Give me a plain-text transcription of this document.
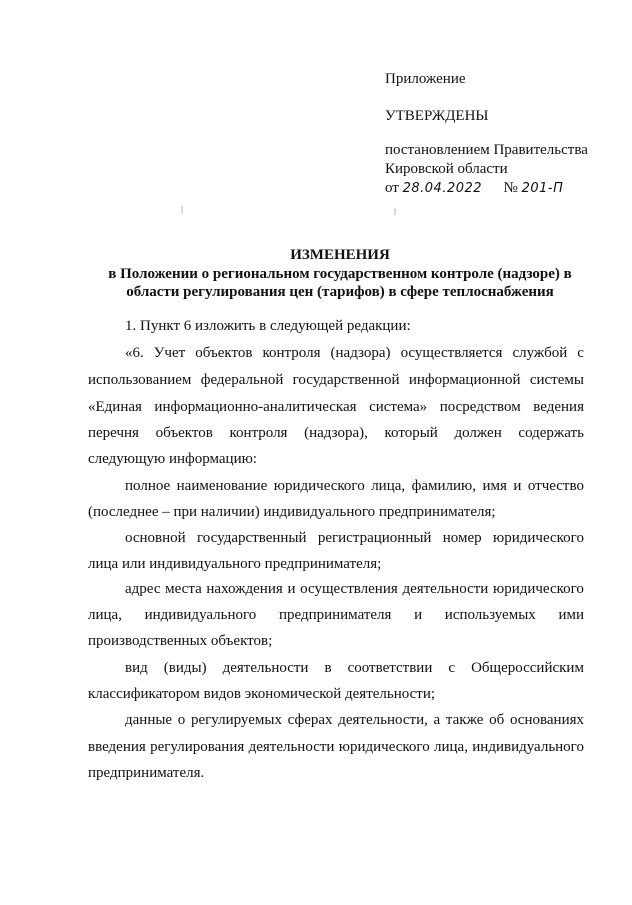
Приложение
УТВЕРЖДЕНЫ
постановлением Правительства
Кировской области
от 28.04.2022 № 201-П
ИЗМЕНЕНИЯ
в Положении о региональном государственном контроле (надзоре) в
области регулирования цен (тарифов) в сфере теплоснабжения
1. Пункт 6 изложить в следующей редакции:
«6. Учет объектов контроля (надзора) осуществляется службой с
использованием федеральной государственной информационной системы
«Единая информационно-аналитическая система» посредством ведения
перечня объектов контроля (надзора), который должен содержать
следующую информацию:
полное наименование юридического лица, фамилию, имя и отчество
(последнее – при наличии) индивидуального предпринимателя;
основной государственный регистрационный номер юридического
лица или индивидуального предпринимателя;
адрес места нахождения и осуществления деятельности юридического
лица, индивидуального предпринимателя и используемых ими
производственных объектов;
вид (виды) деятельности в соответствии с Общероссийским
классификатором видов экономической деятельности;
данные о регулируемых сферах деятельности, а также об основаниях
введения регулирования деятельности юридического лица, индивидуального
предпринимателя.
